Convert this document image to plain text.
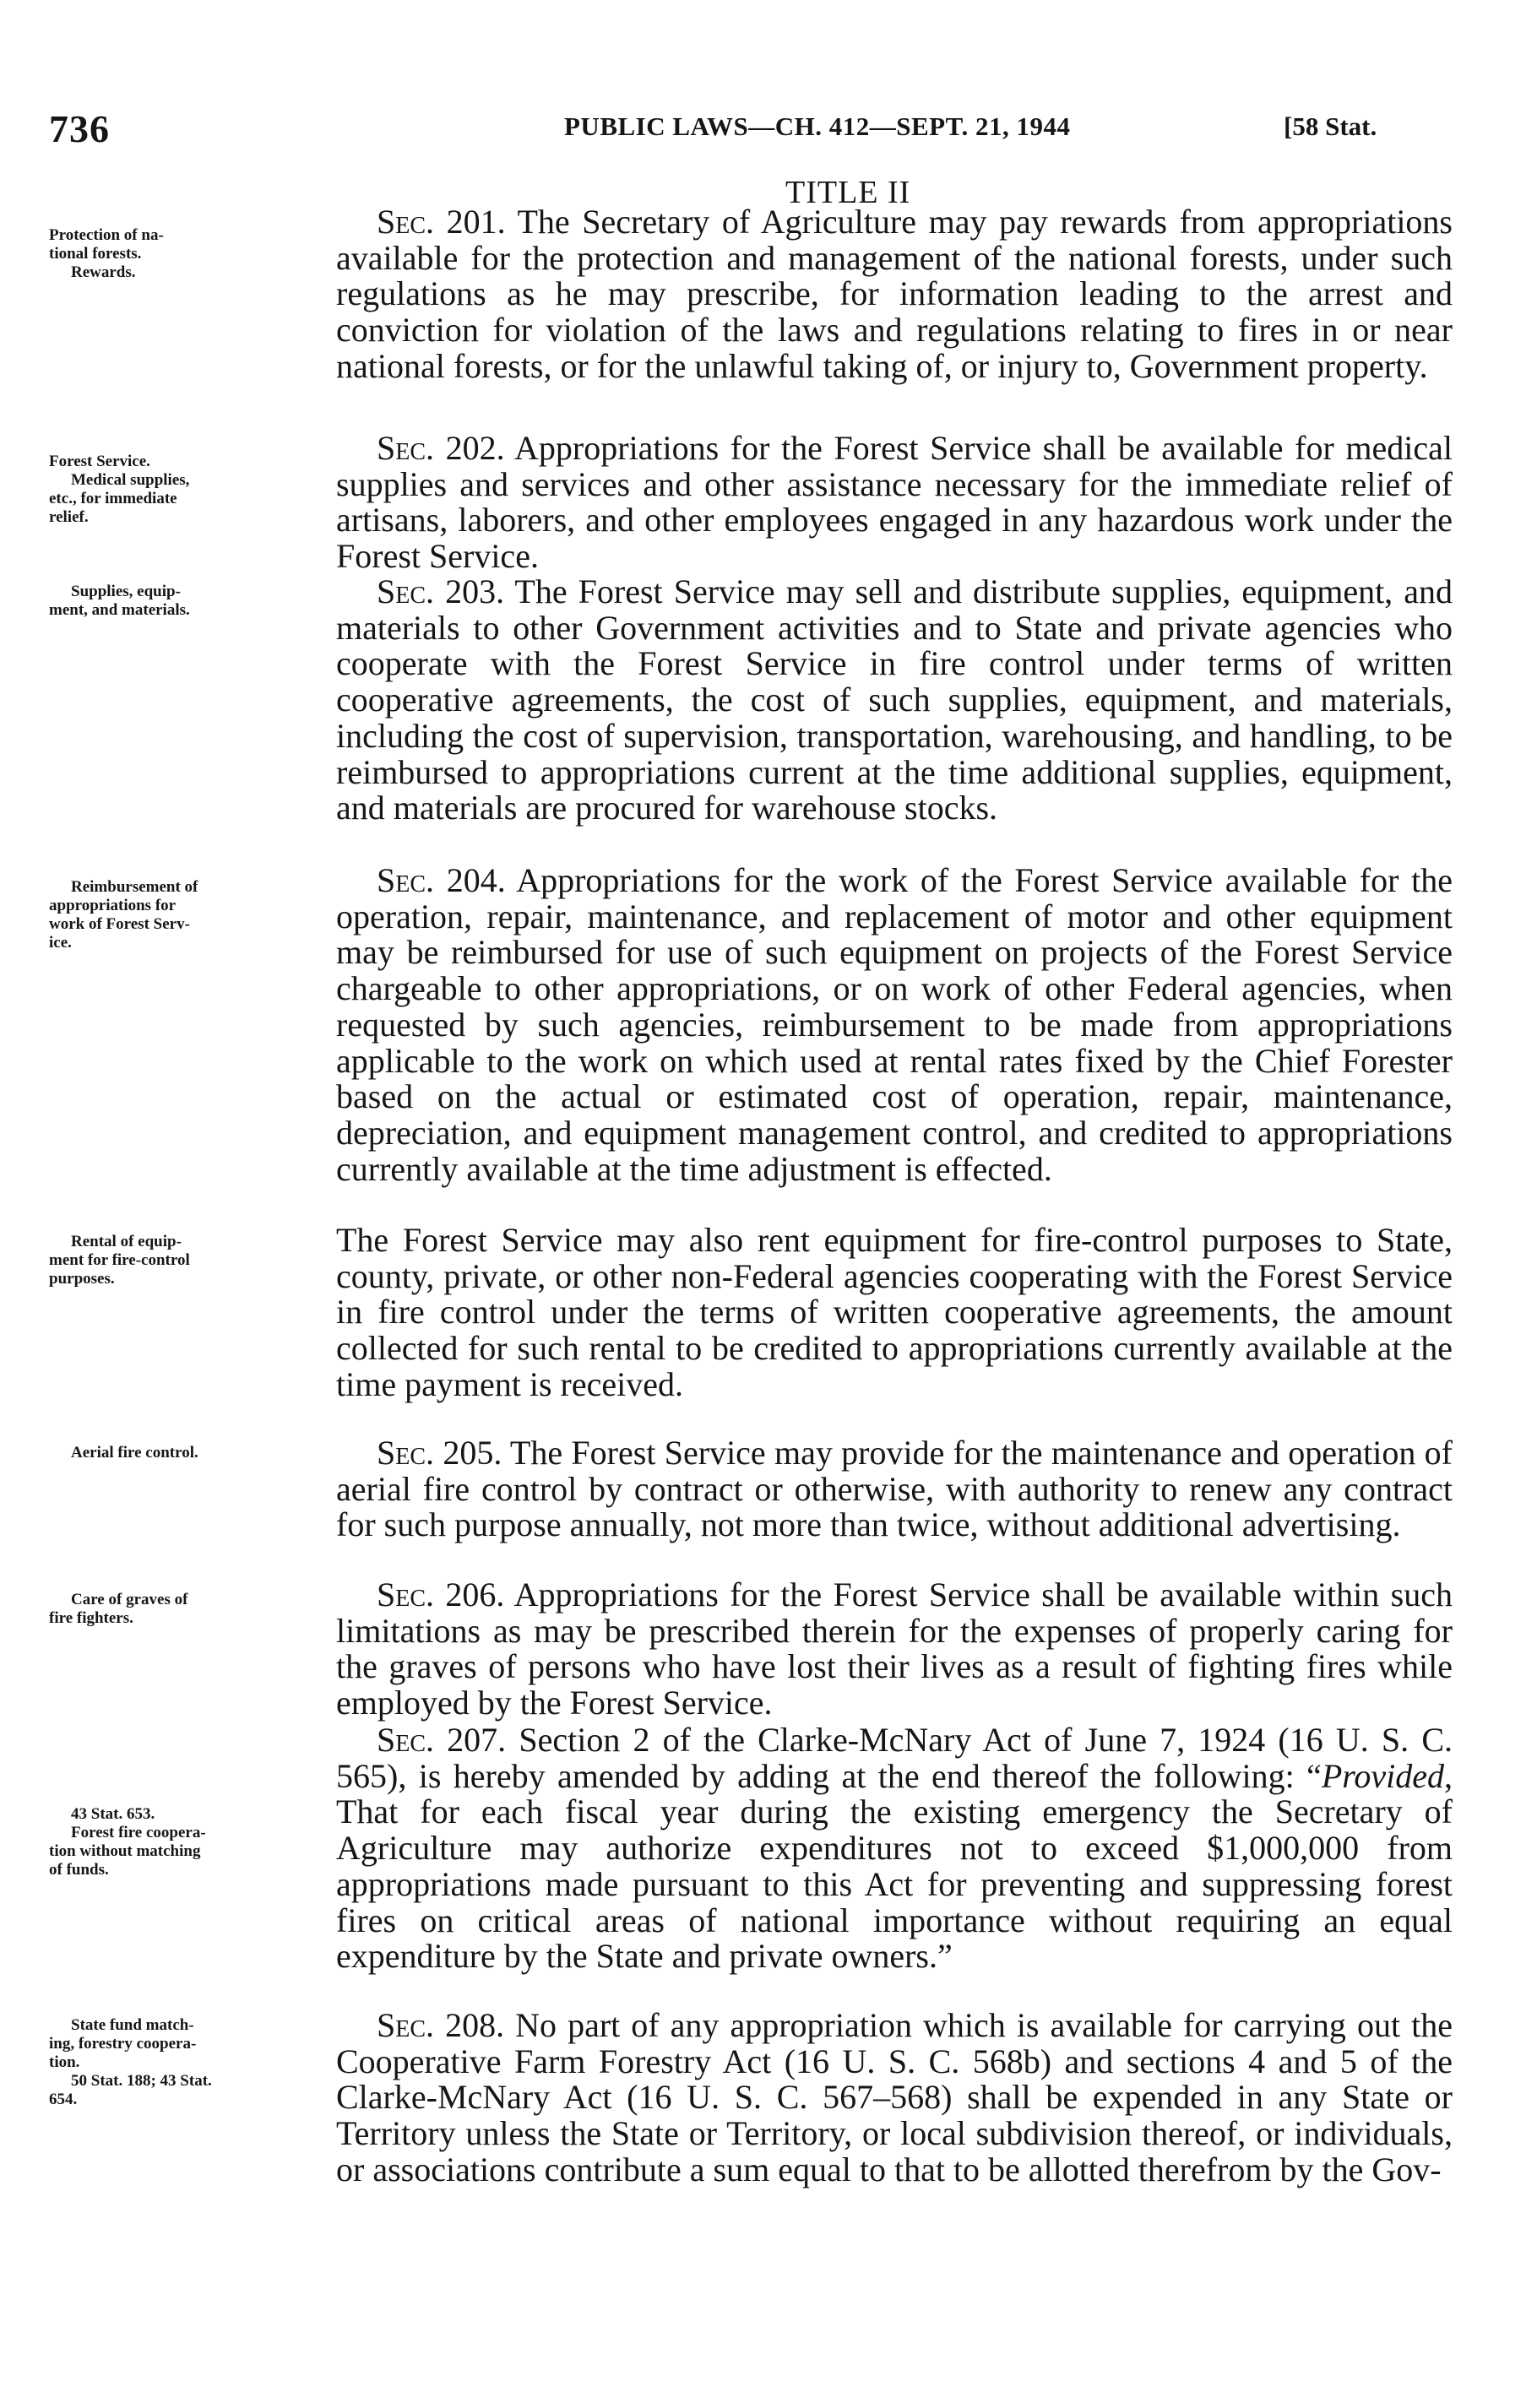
736	PUBLIC LAWS—CH. 412—SEPT. 21, 1944	[58 Stat.
TITLE II
Protection of na-
tional forests.
Rewards.
Forest Service.
Medical supplies,
etc., for immediate
relief.
Supplies, equip-
ment, and materials.
Reimbursement of
appropriations for
work of Forest Serv-
ice.
Rental of equip-
ment for fire-control
purposes.
Aerial fire control.
Care of graves of
fire fighters.
43 Stat. 653.
Forest fire coopera-
tion without matching
of funds.
State fund match-
ing, forestry coopera-
tion.
50 Stat. 188; 43 Stat.
654.

Sec. 201. The Secretary of Agriculture may pay rewards from appropriations available for the protection and management of the national forests, under such regulations as he may prescribe, for information leading to the arrest and conviction for violation of the laws and regulations relating to fires in or near national forests, or for the unlawful taking of, or injury to, Government property.

Sec. 202. Appropriations for the Forest Service shall be available for medical supplies and services and other assistance necessary for the immediate relief of artisans, laborers, and other employees engaged in any hazardous work under the Forest Service.

Sec. 203. The Forest Service may sell and distribute supplies, equipment, and materials to other Government activities and to State and private agencies who cooperate with the Forest Service in fire control under terms of written cooperative agreements, the cost of such supplies, equipment, and materials, including the cost of supervision, transportation, warehousing, and handling, to be reimbursed to appropriations current at the time additional supplies, equipment, and materials are procured for warehouse stocks.

Sec. 204. Appropriations for the work of the Forest Service available for the operation, repair, maintenance, and replacement of motor and other equipment may be reimbursed for use of such equipment on projects of the Forest Service chargeable to other appropriations, or on work of other Federal agencies, when requested by such agencies, reimbursement to be made from appropriations applicable to the work on which used at rental rates fixed by the Chief Forester based on the actual or estimated cost of operation, repair, maintenance, depreciation, and equipment management control, and credited to appropriations currently available at the time adjustment is effected.

The Forest Service may also rent equipment for fire-control purposes to State, county, private, or other non-Federal agencies cooperating with the Forest Service in fire control under the terms of written cooperative agreements, the amount collected for such rental to be credited to appropriations currently available at the time payment is received.

Sec. 205. The Forest Service may provide for the maintenance and operation of aerial fire control by contract or otherwise, with authority to renew any contract for such purpose annually, not more than twice, without additional advertising.

Sec. 206. Appropriations for the Forest Service shall be available within such limitations as may be prescribed therein for the expenses of properly caring for the graves of persons who have lost their lives as a result of fighting fires while employed by the Forest Service.

Sec. 207. Section 2 of the Clarke-McNary Act of June 7, 1924 (16 U. S. C. 565), is hereby amended by adding at the end thereof the following: “Provided, That for each fiscal year during the existing emergency the Secretary of Agriculture may authorize expenditures not to exceed $1,000,000 from appropriations made pursuant to this Act for preventing and suppressing forest fires on critical areas of national importance without requiring an equal expenditure by the State and private owners.”

Sec. 208. No part of any appropriation which is available for carrying out the Cooperative Farm Forestry Act (16 U. S. C. 568b) and sections 4 and 5 of the Clarke-McNary Act (16 U. S. C. 567–568) shall be expended in any State or Territory unless the State or Territory, or local subdivision thereof, or individuals, or associations contribute a sum equal to that to be allotted therefrom by the Gov-
